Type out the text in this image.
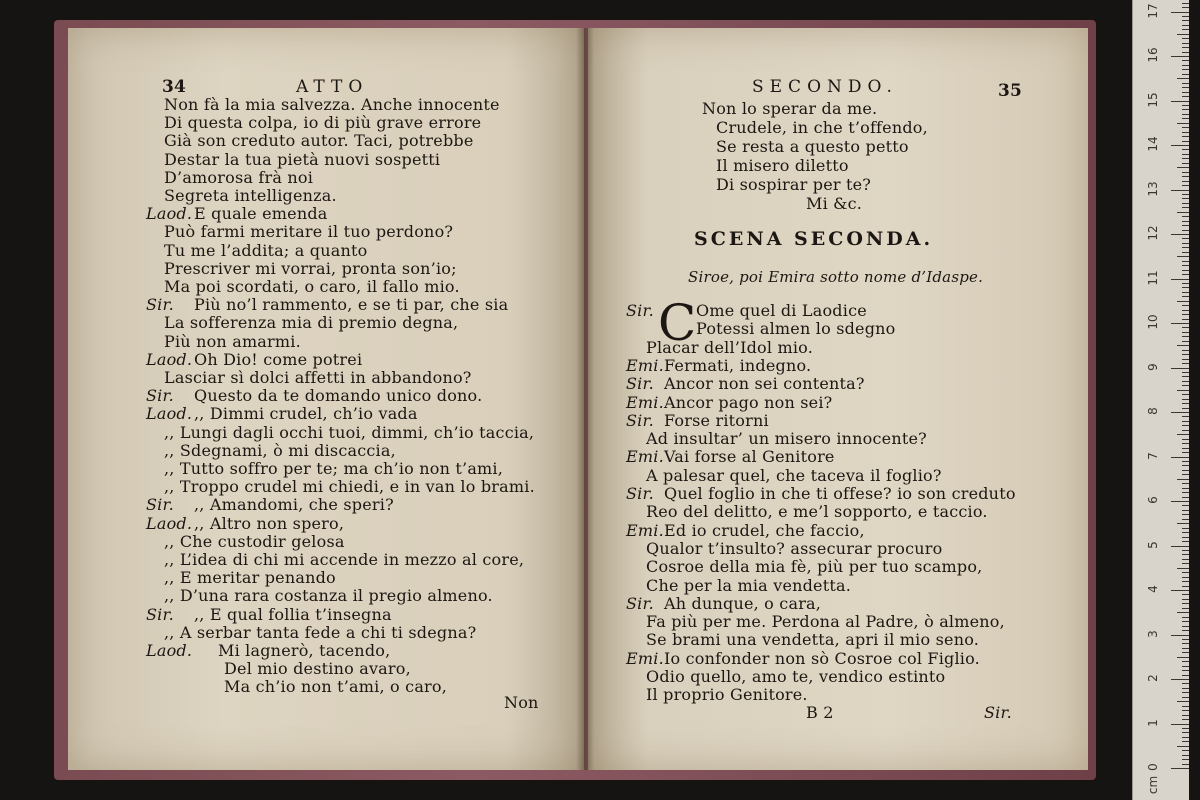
34	ATTO
Non fà la mia salvezza. Anche innocente
Di questa colpa, io di più grave errore
Già son creduto autor. Taci, potrebbe
Destar la tua pietà nuovi sospetti
D’amorosa frà noi
Segreta intelligenza.
Laod. E quale emenda
Può farmi meritare il tuo perdono?
Tu me l’addita; a quanto
Prescriver mi vorrai, pronta son’io;
Ma poi scordati, o caro, il fallo mio.
Sir. Più no’l rammento, e se ti par, che sia
La sofferenza mia di premio degna,
Più non amarmi.
Laod. Oh Dio! come potrei
Lasciar sì dolci affetti in abbandono?
Sir. Questo da te domando unico dono.
Laod. ,, Dimmi crudel, ch’io vada
,, Lungi dagli occhi tuoi, dimmi, ch’io taccia,
,, Sdegnami, ò mi discaccia,
,, Tutto soffro per te; ma ch’io non t’ami,
,, Troppo crudel mi chiedi, e in van lo brami.
Sir. ,, Amandomi, che speri?
Laod. ,, Altro non spero,
,, Che custodir gelosa
,, L’idea di chi mi accende in mezzo al core,
,, E meritar penando
,, D’una rara costanza il pregio almeno.
Sir. ,, E qual follia t’insegna
,, A serbar tanta fede a chi ti sdegna?
Laod. Mi lagnerò, tacendo,
Del mio destino avaro,
Ma ch’io non t’ami, o caro,
Non
SECONDO.	35
Non lo sperar da me.
Crudele, in che t’offendo,
Se resta a questo petto
Il misero diletto
Di sospirar per te?
Mi &c.
SCENA SECONDA.
Siroe, poi Emira sotto nome d’Idaspe.
C
Sir.	Ome quel di Laodice
Potessi almen lo sdegno
Placar dell’Idol mio.
Emi. Fermati, indegno.
Sir. Ancor non sei contenta?
Emi. Ancor pago non sei?
Sir. Forse ritorni
Ad insultar’ un misero innocente?
Emi. Vai forse al Genitore
A palesar quel, che taceva il foglio?
Sir. Quel foglio in che ti offese? io son creduto
Reo del delitto, e me’l sopporto, e taccio.
Emi. Ed io crudel, che faccio,
Qualor t’insulto? assecurar procuro
Cosroe della mia fè, più per tuo scampo,
Che per la mia vendetta.
Sir. Ah dunque, o cara,
Fa più per me. Perdona al Padre, ò almeno,
Se brami una vendetta, apri il mio seno.
Emi. Io confonder non sò Cosroe col Figlio.
Odio quello, amo te, vendico estinto
Il proprio Genitore.
B 2	Sir.
0
1
2
3
4
5
6
7
8
9
10
11
12
13
14
15
16
17
cm
